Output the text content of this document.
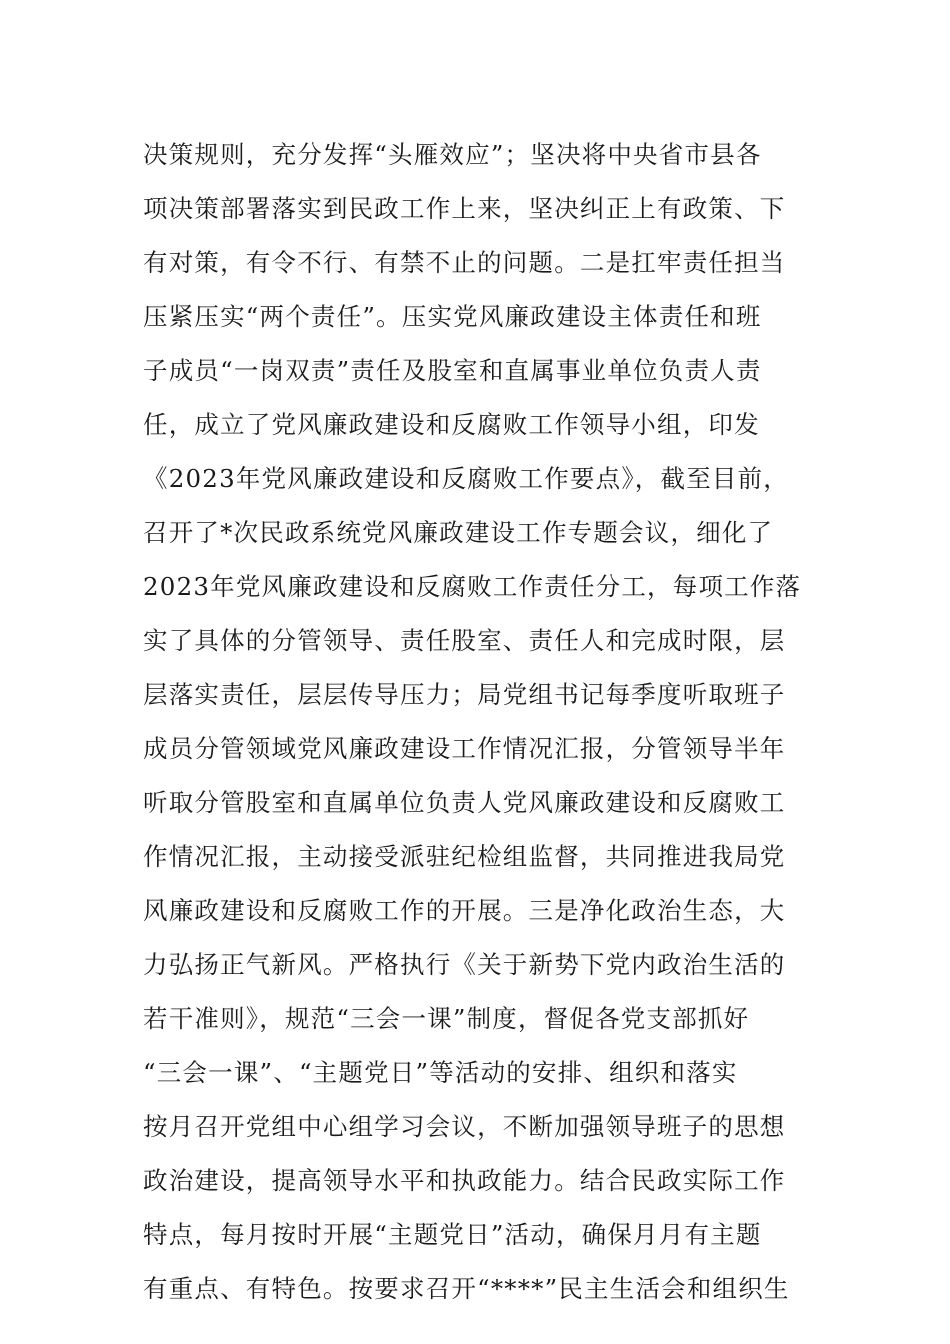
决策规则，充分发挥“头雁效应”；坚决将中央省市县各
项决策部署落实到民政工作上来，坚决纠正上有政策、下
有对策，有令不行、有禁不止的问题。二是扛牢责任担当
压紧压实“两个责任”。压实党风廉政建设主体责任和班
子成员“一岗双责”责任及股室和直属事业单位负责人责
任，成立了党风廉政建设和反腐败工作领导小组，印发
《2023年党风廉政建设和反腐败工作要点》，截至目前，
召开了*次民政系统党风廉政建设工作专题会议，细化了
2023年党风廉政建设和反腐败工作责任分工，每项工作落
实了具体的分管领导、责任股室、责任人和完成时限，层
层落实责任，层层传导压力；局党组书记每季度听取班子
成员分管领域党风廉政建设工作情况汇报，分管领导半年
听取分管股室和直属单位负责人党风廉政建设和反腐败工
作情况汇报，主动接受派驻纪检组监督，共同推进我局党
风廉政建设和反腐败工作的开展。三是净化政治生态，大
力弘扬正气新风。严格执行《关于新势下党内政治生活的
若干准则》，规范“三会一课”制度，督促各党支部抓好
“三会一课”、“主题党日”等活动的安排、组织和落实
按月召开党组中心组学习会议，不断加强领导班子的思想
政治建设，提高领导水平和执政能力。结合民政实际工作
特点，每月按时开展“主题党日”活动，确保月月有主题
有重点、有特色。按要求召开“****”民主生活会和组织生
